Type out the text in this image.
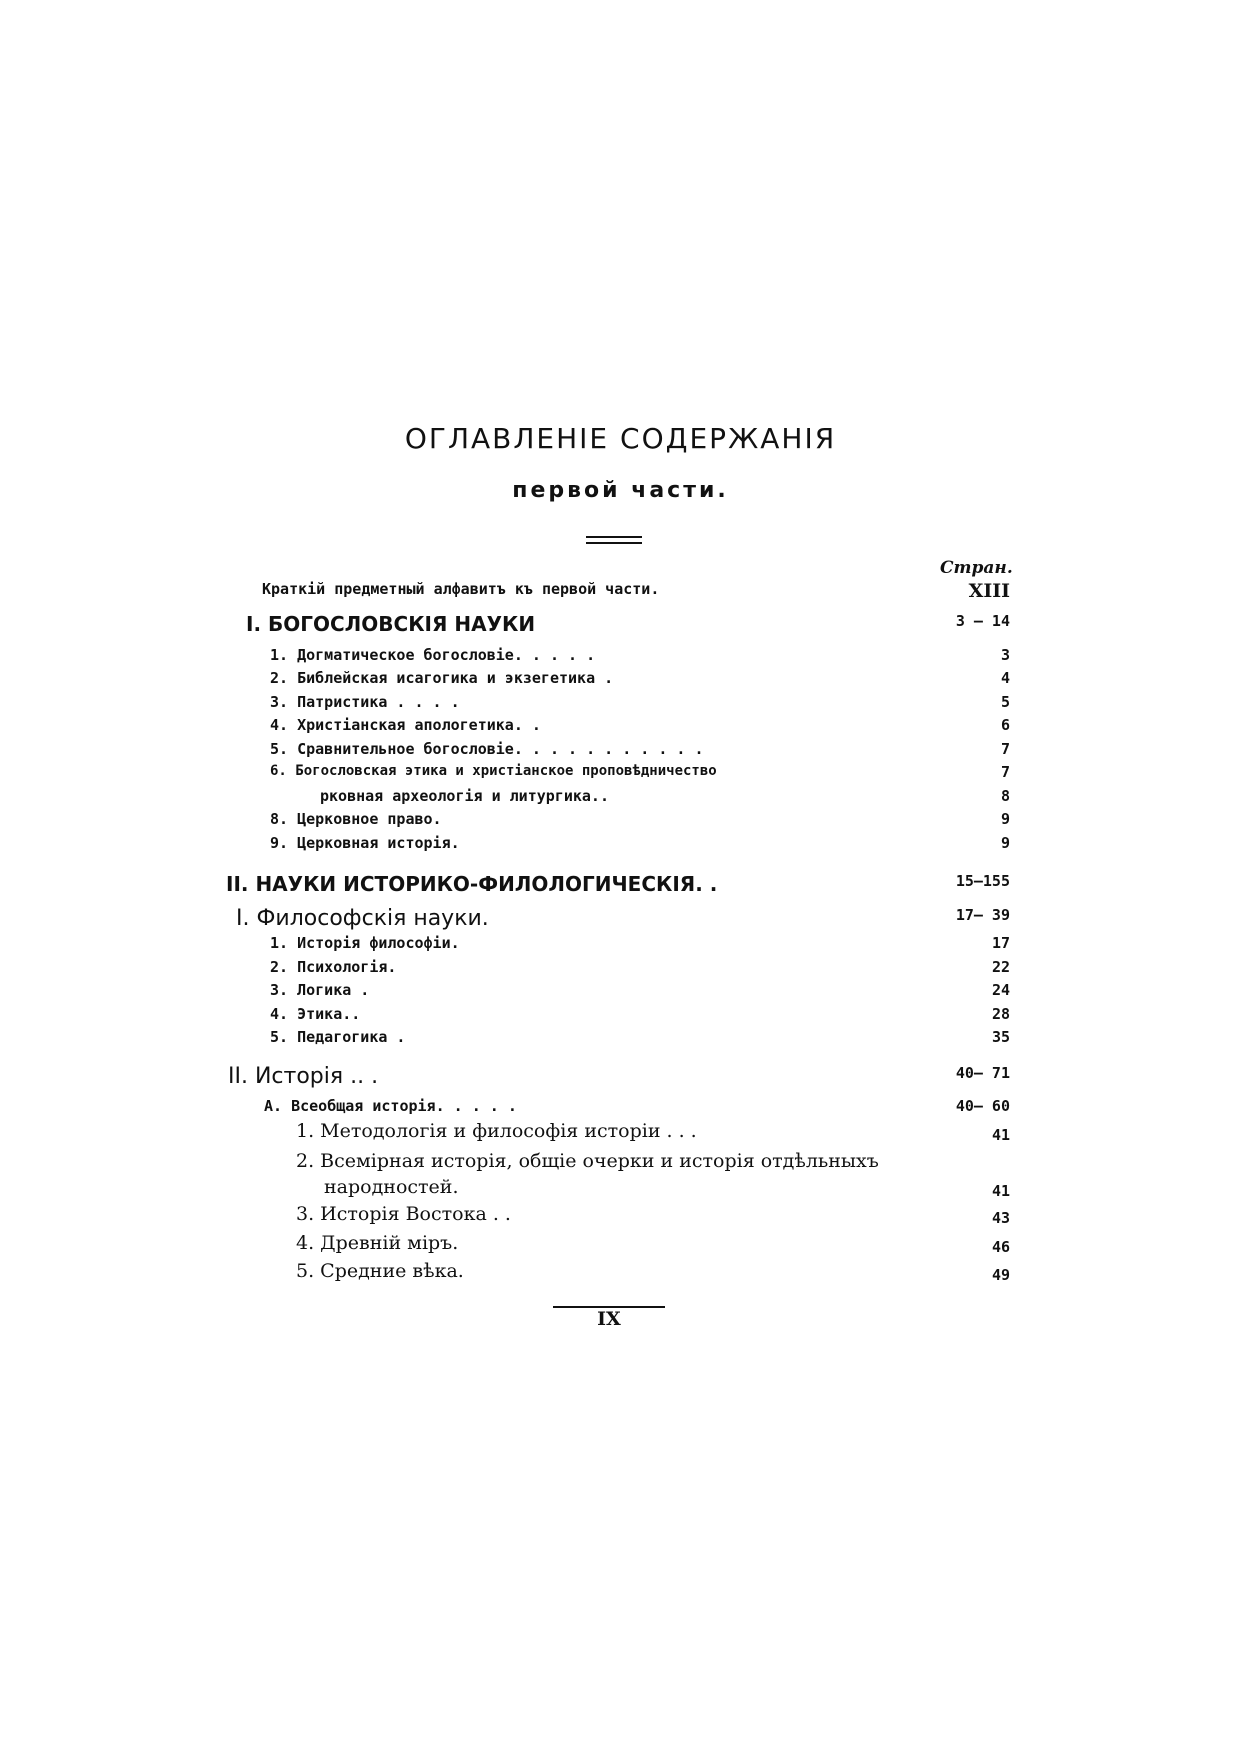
ОГЛАВЛЕНIЕ СОДЕРЖАНIЯ
первой части.
Стран.
Краткiй предметный алфавитъ къ первой части.	XIII
I. БОГОСЛОВСКIЯ НАУКИ	3 — 14
1. Догматическое богословiе. . . . .	3
2. Библейская исагогика и экзегетика .	4
3. Патристика . . . .	5
4. Христiанская апологетика. .	6
5. Сравнительное богословiе. . . . . . . . . . .	7
6. Богословская этика и христiанское проповѣдничество	7
рковная археологiя и литургика..	8
8. Церковное право.	9
9. Церковная исторiя.	9
II. НАУКИ ИСТОРИКО-ФИЛОЛОГИЧЕСКIЯ. .	15—155
I. Философскiя науки.	17— 39
1. Исторiя философiи.	17
2. Психологiя.	22
3. Логика .	24
4. Этика..	28
5. Педагогика .	35
II. Исторiя .. .	40— 71
А. Всеобщая исторiя. . . . .	40— 60
1. Методологiя и философiя исторiи . . .	41
2. Всемiрная исторiя, общiе очерки и исторiя отдѣльныхъ
народностей.	41
3. Исторiя Востока . .	43
4. Древнiй мiръ.	46
5. Средние вѣка.	49
IX
